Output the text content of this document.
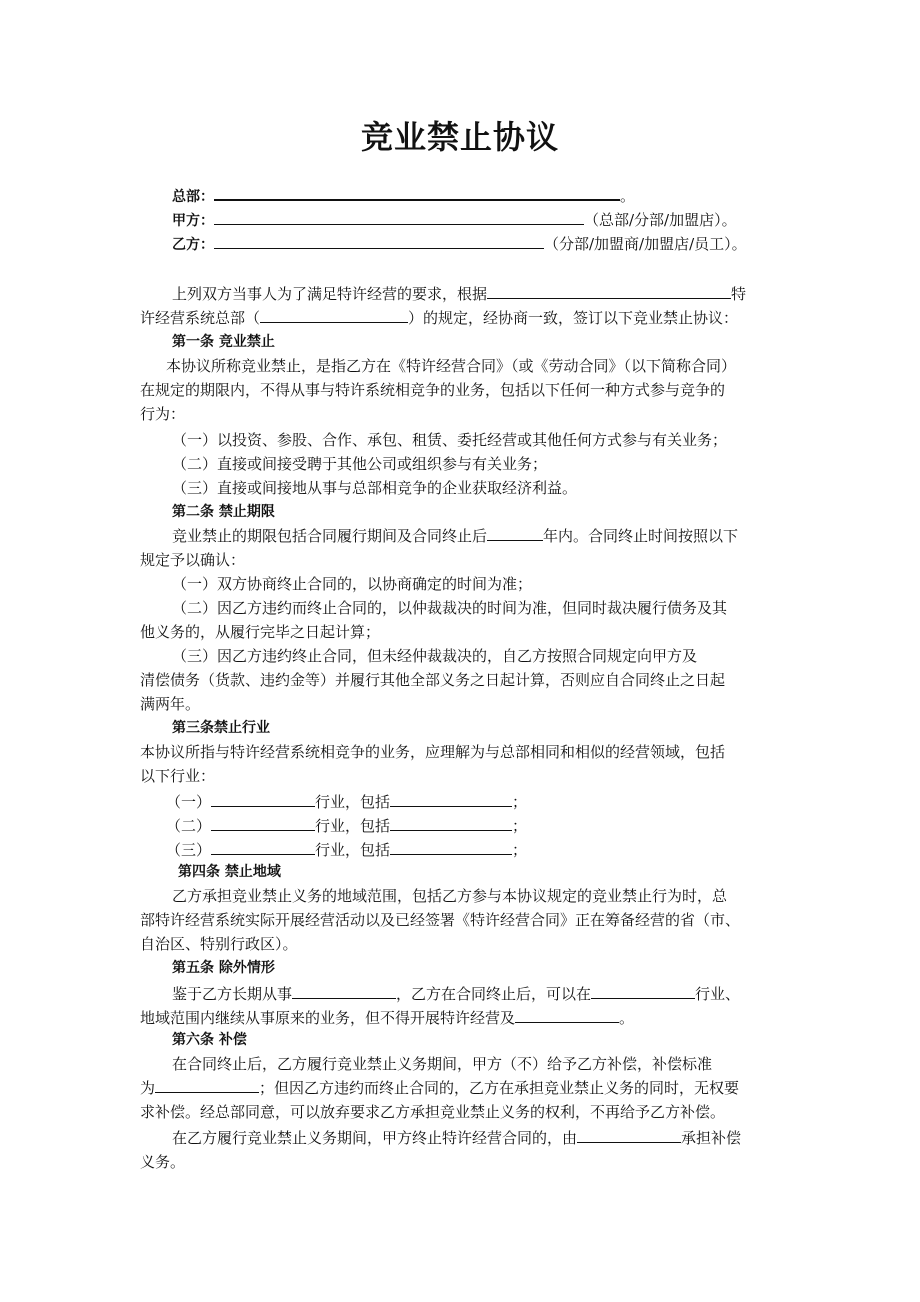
竞业禁止协议
总部：	。
甲方：	（总部/分部/加盟店）。
乙方：	（分部/加盟商/加盟店/员工）。
上列双方当事人为了满足特许经营的要求，根据	特
许经营系统总部（	）的规定，经协商一致，签订以下竞业禁止协议：
第一条 竞业禁止
本协议所称竞业禁止，是指乙方在《特许经营合同》（或《劳动合同》（以下简称合同）
在规定的期限内，不得从事与特许系统相竞争的业务，包括以下任何一种方式参与竞争的
行为：
（一）以投资、参股、合作、承包、租赁、委托经营或其他任何方式参与有关业务；
（二）直接或间接受聘于其他公司或组织参与有关业务；
（三）直接或间接地从事与总部相竞争的企业获取经济利益。
第二条 禁止期限
竞业禁止的期限包括合同履行期间及合同终止后	年内。合同终止时间按照以下
规定予以确认：
（一）双方协商终止合同的，以协商确定的时间为准；
（二）因乙方违约而终止合同的，以仲裁裁决的时间为准，但同时裁决履行债务及其
他义务的，从履行完毕之日起计算；
（三）因乙方违约终止合同，但未经仲裁裁决的，自乙方按照合同规定向甲方及
清偿债务（货款、违约金等）并履行其他全部义务之日起计算，否则应自合同终止之日起
满两年。
第三条禁止行业
本协议所指与特许经营系统相竞争的业务，应理解为与总部相同和相似的经营领域，包括
以下行业：
（一）	行业，包括	；
（二）	行业，包括	；
（三）	行业，包括	；
第四条 禁止地域
乙方承担竞业禁止义务的地域范围，包括乙方参与本协议规定的竞业禁止行为时，总
部特许经营系统实际开展经营活动以及已经签署《特许经营合同》正在筹备经营的省（市、
自治区、特别行政区）。
第五条 除外情形
鉴于乙方长期从事	，乙方在合同终止后，可以在	行业、
地域范围内继续从事原来的业务，但不得开展特许经营及	。
第六条 补偿
在合同终止后，乙方履行竞业禁止义务期间，甲方（不）给予乙方补偿，补偿标准
为	；但因乙方违约而终止合同的，乙方在承担竞业禁止义务的同时，无权要
求补偿。经总部同意，可以放弃要求乙方承担竞业禁止义务的权利，不再给予乙方补偿。
在乙方履行竞业禁止义务期间，甲方终止特许经营合同的，由	承担补偿
义务。
